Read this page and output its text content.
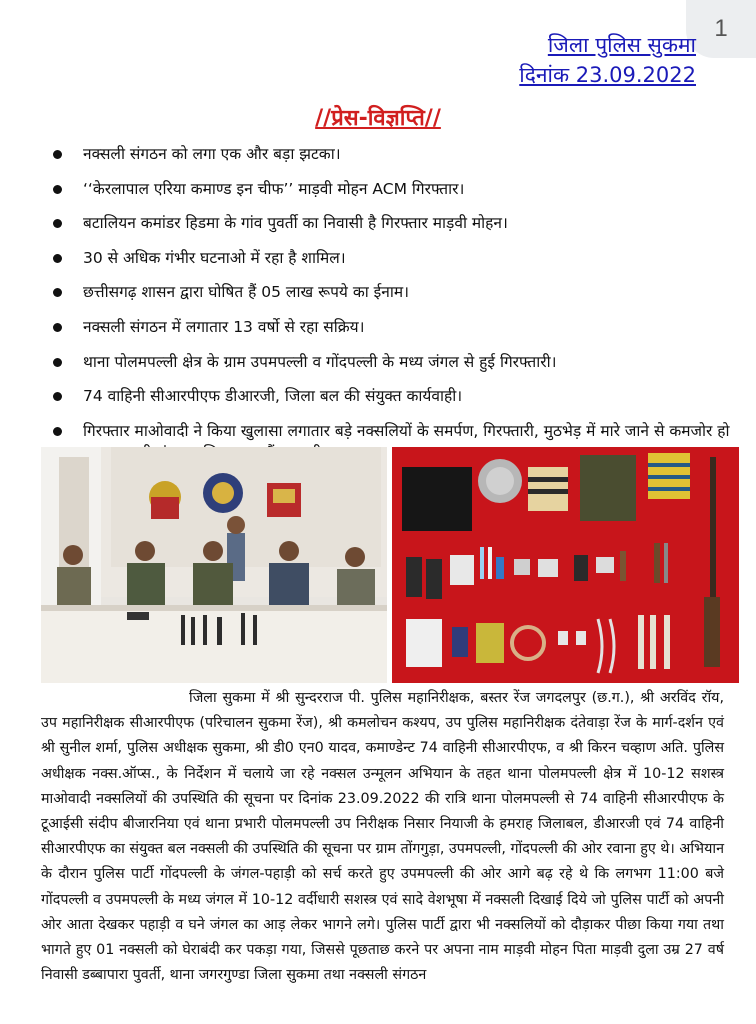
1
जिला पुलिस सुकमा
दिनांक 23.09.2022
//प्रेस-विज्ञप्ति//
नक्सली संगठन को लगा एक और बड़ा झटका।
‘‘केरलापाल एरिया कमाण्ड इन चीफ’’ माड़वी मोहन ACM गिरफ्तार।
बटालियन कमांडर हिडमा के गांव पुवर्ती का निवासी है गिरफ्तार माड़वी मोहन।
30 से अधिक गंभीर घटनाओ में रहा है शामिल।
छत्तीसगढ़ शासन द्वारा घोषित हैं 05 लाख रूपये का ईनाम।
नक्सली संगठन में लगातार 13 वर्षो से रहा सक्रिय।
थाना पोलमपल्ली क्षेत्र के ग्राम उपमपल्ली व गोंदपल्ली के मध्य जंगल से हुई गिरफ्तारी।
74 वाहिनी सीआरपीएफ डीआरजी, जिला बल की संयुक्त कार्यवाही।
गिरफ्तार माओवादी ने किया खुलासा लगातार बड़े नक्सलियों के समर्पण, गिरफ्तारी, मुठभेड़ में मारे जाने से कमजोर हो

जिला सुकमा में श्री सुन्दरराज पी. पुलिस महानिरीक्षक, बस्तर रेंज जगदलपुर (छ.ग.), श्री अरविंद रॉय, उप महानिरीक्षक सीआरपीएफ (परिचालन सुकमा रेंज), श्री कमलोचन कश्यप, उप पुलिस महानिरीक्षक दंतेवाड़ा रेंज के मार्ग-दर्शन एवं श्री सुनील शर्मा, पुलिस अधीक्षक सुकमा, श्री डी0 एन0 यादव, कमाण्डेन्ट 74 वाहिनी सीआरपीएफ, व श्री किरन चव्हाण अति. पुलिस अधीक्षक नक्स.ऑप्स., के निर्देशन में चलाये जा रहे नक्सल उन्मूलन अभियान के तहत थाना पोलमपल्ली क्षेत्र में 10-12 सशस्त्र माओवादी नक्सलियों की उपस्थिति की सूचना पर दिनांक 23.09.2022 की रात्रि थाना पोलमपल्ली से 74 वाहिनी सीआरपीएफ के टूआईसी संदीप बीजारनिया एवं थाना प्रभारी पोलमपल्ली उप निरीक्षक निसार नियाजी के हमराह जिलाबल, डीआरजी एवं 74 वाहिनी सीआरपीएफ का संयुक्त बल नक्सली की उपस्थिति की सूचना पर ग्राम तोंगगुड़ा, उपमपल्ली, गोंदपल्ली की ओर रवाना हुए थे। अभियान के दौरान पुलिस पार्टी गोंदपल्ली के जंगल-पहाड़ी को सर्च करते हुए उपमपल्ली की ओर आगे बढ़ रहे थे कि लगभग 11:00 बजे गोंदपल्ली व उपमपल्ली के मध्य जंगल में 10-12 वर्दीधारी सशस्त्र एवं सादे वेशभूषा में नक्सली दिखाई दिये जो पुलिस पार्टी को अपनी ओर आता देखकर पहाड़ी व घने जंगल का आड़ लेकर भागने लगे। पुलिस पार्टी द्वारा भी नक्सलियों को दौड़ाकर पीछा किया गया तथा भागते हुए 01 नक्सली को घेराबंदी कर पकड़ा गया, जिससे पूछताछ करने पर अपना नाम माड़वी मोहन पिता माड़वी दुला उम्र 27 वर्ष निवासी डब्बापारा पुवर्ती, थाना जगरगुण्डा जिला सुकमा तथा नक्सली संगठन
